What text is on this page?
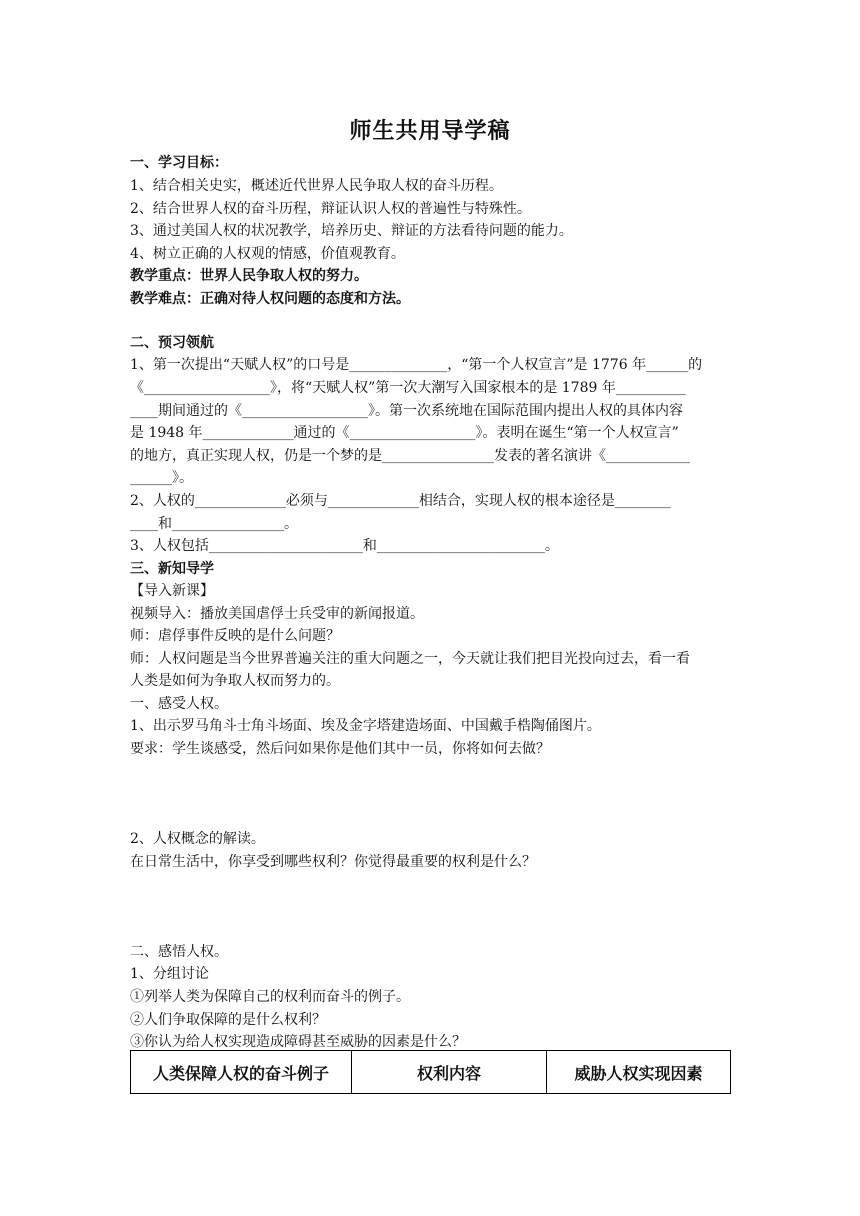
师生共用导学稿
一、学习目标：
1、结合相关史实，概述近代世界人民争取人权的奋斗历程。
2、结合世界人权的奋斗历程，辩证认识人权的普遍性与特殊性。
3、通过美国人权的状况教学，培养历史、辩证的方法看待问题的能力。
4、树立正确的人权观的情感，价值观教育。
教学重点：世界人民争取人权的努力。
教学难点：正确对待人权问题的态度和方法。
二、预习领航
1、第一次提出“天赋人权”的口号是______________，“第一个人权宣言”是 1776 年______的
《__________________》，将“天赋人权”第一次大潮写入国家根本的是 1789 年__________
____期间通过的《__________________》。第一次系统地在国际范围内提出人权的具体内容
是 1948 年_____________通过的《__________________》。表明在诞生“第一个人权宣言”
的地方，真正实现人权，仍是一个梦的是________________发表的著名演讲《____________
______》。
2、人权的_____________必须与_____________相结合，实现人权的根本途径是________
____和________________。
3、人权包括______________________和________________________。
三、新知导学
【导入新课】
视频导入：播放美国虐俘士兵受审的新闻报道。
师：虐俘事件反映的是什么问题？
师：人权问题是当今世界普遍关注的重大问题之一，今天就让我们把目光投向过去，看一看
人类是如何为争取人权而努力的。
一、感受人权。
1、出示罗马角斗士角斗场面、埃及金字塔建造场面、中国戴手梏陶俑图片。
要求：学生谈感受，然后问如果你是他们其中一员，你将如何去做？
2、人权概念的解读。
在日常生活中，你享受到哪些权利？你觉得最重要的权利是什么？
二、感悟人权。
1、分组讨论
①列举人类为保障自己的权利而奋斗的例子。
②人们争取保障的是什么权利？
③你认为给人权实现造成障碍甚至威胁的因素是什么？
人类保障人权的奋斗例子	权利内容	威胁人权实现因素
